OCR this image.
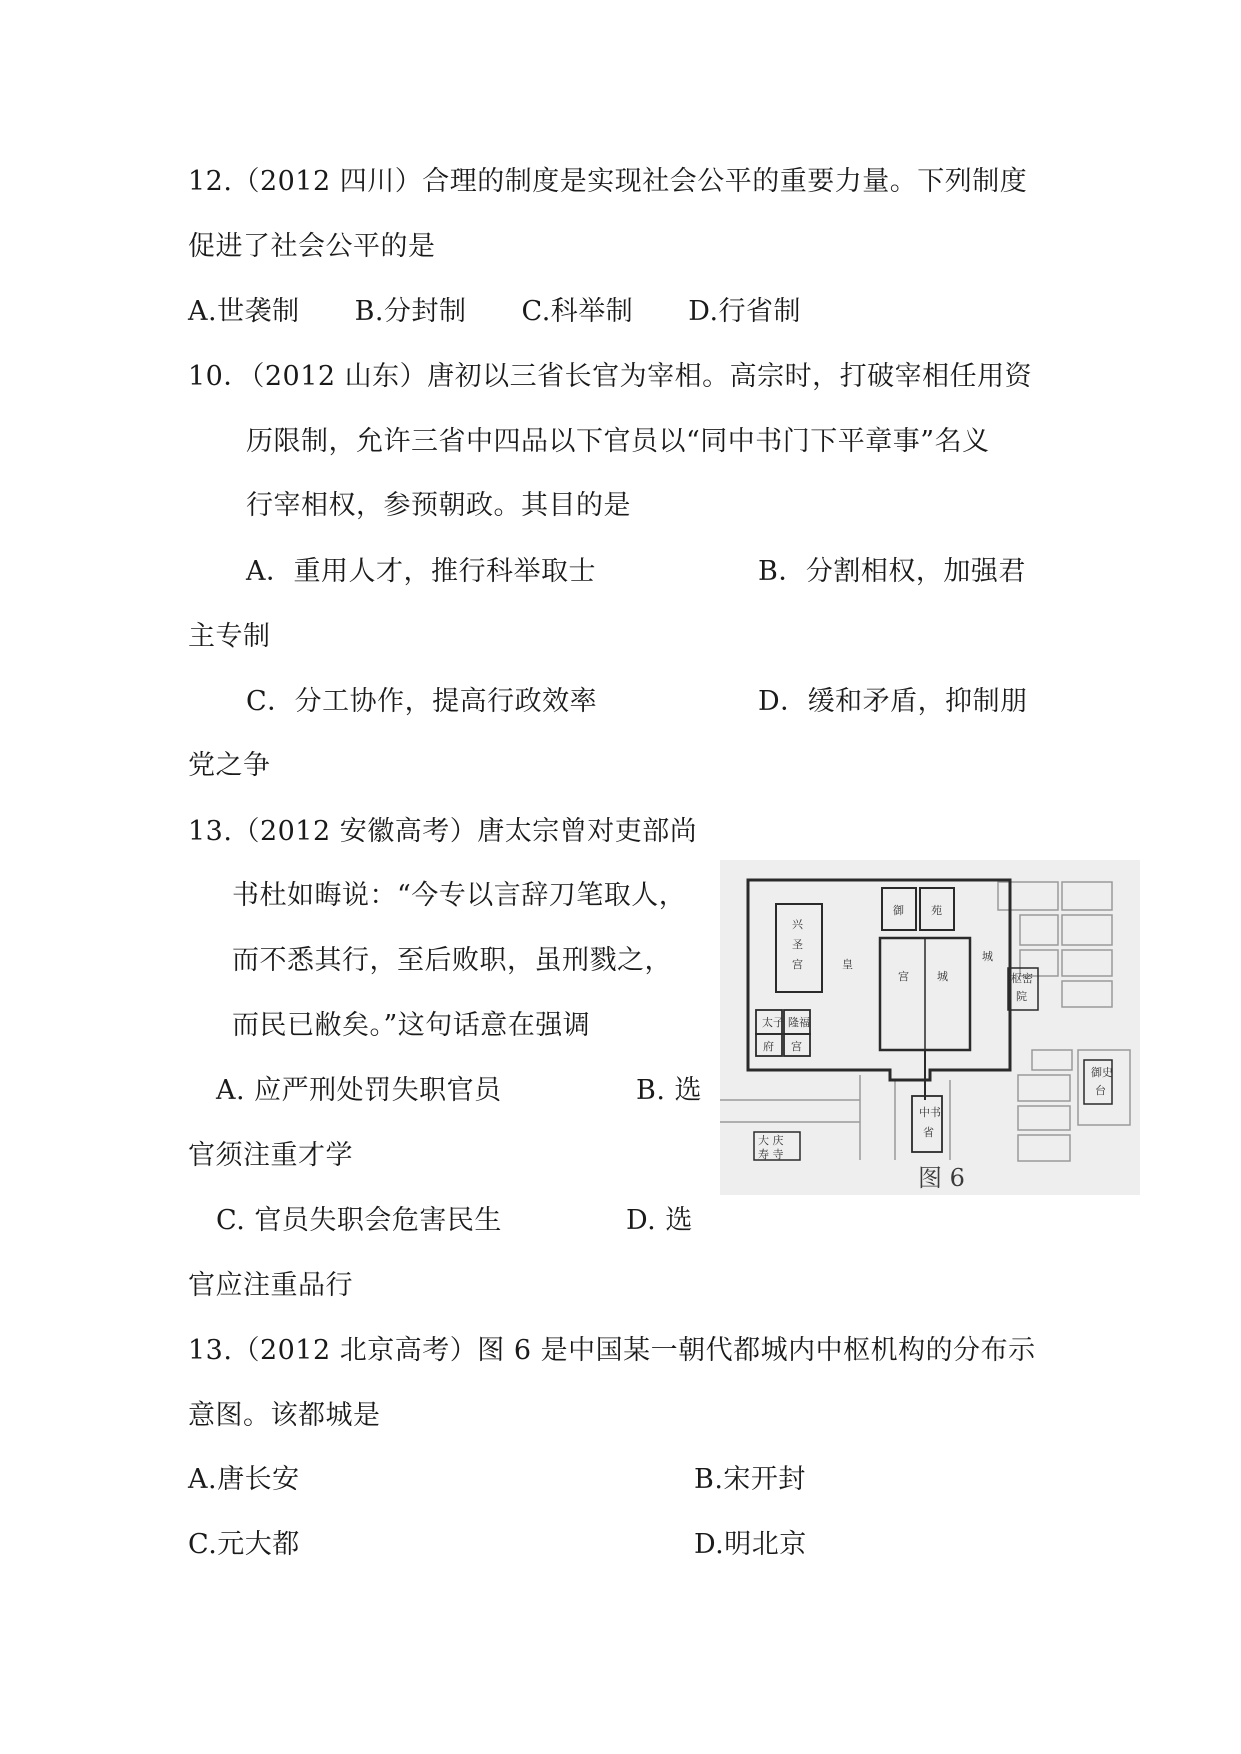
12.（2012 四川）合理的制度是实现社会公平的重要力量。下列制度
促进了社会公平的是
A.世袭制　　B.分封制　　C.科举制　　D.行省制
10．（2012 山东）唐初以三省长官为宰相。高宗时，打破宰相任用资
历限制，允许三省中四品以下官员以“同中书门下平章事”名义
行宰相权，参预朝政。其目的是
A．重用人才，推行科举取士	B．分割相权，加强君
主专制
C．分工协作，提高行政效率	D．缓和矛盾，抑制朋
党之争
13.（2012 安徽高考）唐太宗曾对吏部尚
书杜如晦说：“今专以言辞刀笔取人，
而不悉其行，至后败职，虽刑戮之，
而民已敝矣。”这句话意在强调
A. 应严刑处罚失职官员	B. 选
官须注重才学
C. 官员失职会危害民生	D. 选
官应注重品行
13.（2012 北京高考）图 6 是中国某一朝代都城内中枢机构的分布示
意图。该都城是
A.唐长安	B.宋开封
C.元大都	D.明北京
兴
圣
宫
御 苑
皇
宫	城
城
太子
府
隆福
宫
枢密
院
中书
省
大 庆
寿 寺
御史
台
图 6
